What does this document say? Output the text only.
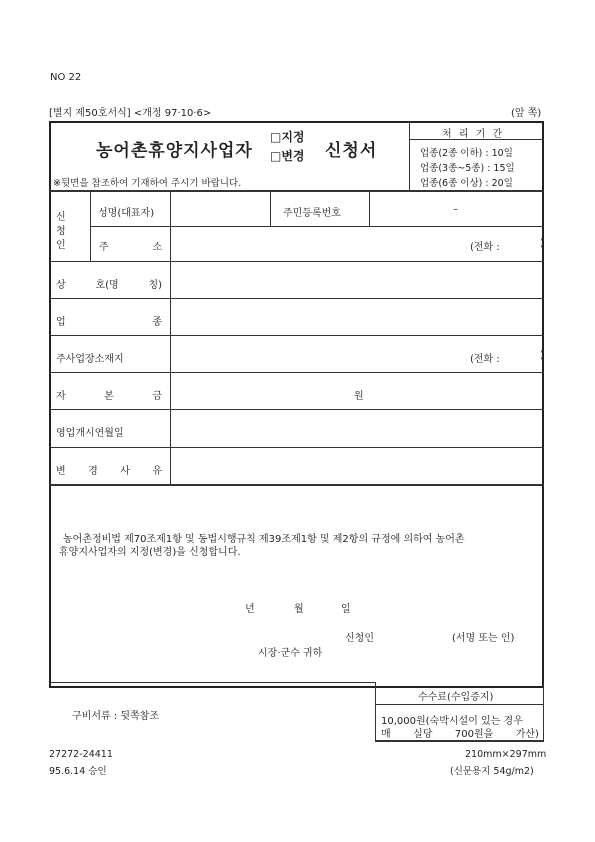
NO 22
[별지 제50호서식] <개정 97·10·6>	(앞 쪽)
농어촌휴양지사업자
□지정
□변경 신청서
※뒷면을 참조하여 기재하여 주시기 바랍니다.
처 리 기 간
업종(2종 이하) : 10일
업종(3종~5종) : 15일
업종(6종 이상) : 20일
신
청
인
성명(대표자)	주민등록번호	–
주	소	(전화 :	)
상	호(명	칭)
업	종
주사업장소재지	(전화 :	)
자	본	금	원
영업개시연월일
변 경 사 유
농어촌정비법 제70조제1항 및 동법시행규칙 제39조제1항 및 제2항의 규정에 의하여 농어촌
휴양지사업자의 지정(변경)을 신청합니다.
년	월	일
신청인	(서명 또는 인)
시장·군수 귀하
구비서류 : 뒷쪽참조
수수료(수입증지)
10,000원(숙박시설이 있는 경우
매 실당 700원을 가산)
27272-24411
95.6.14 승인
210mm×297mm
(신문용지 54g/m2)
